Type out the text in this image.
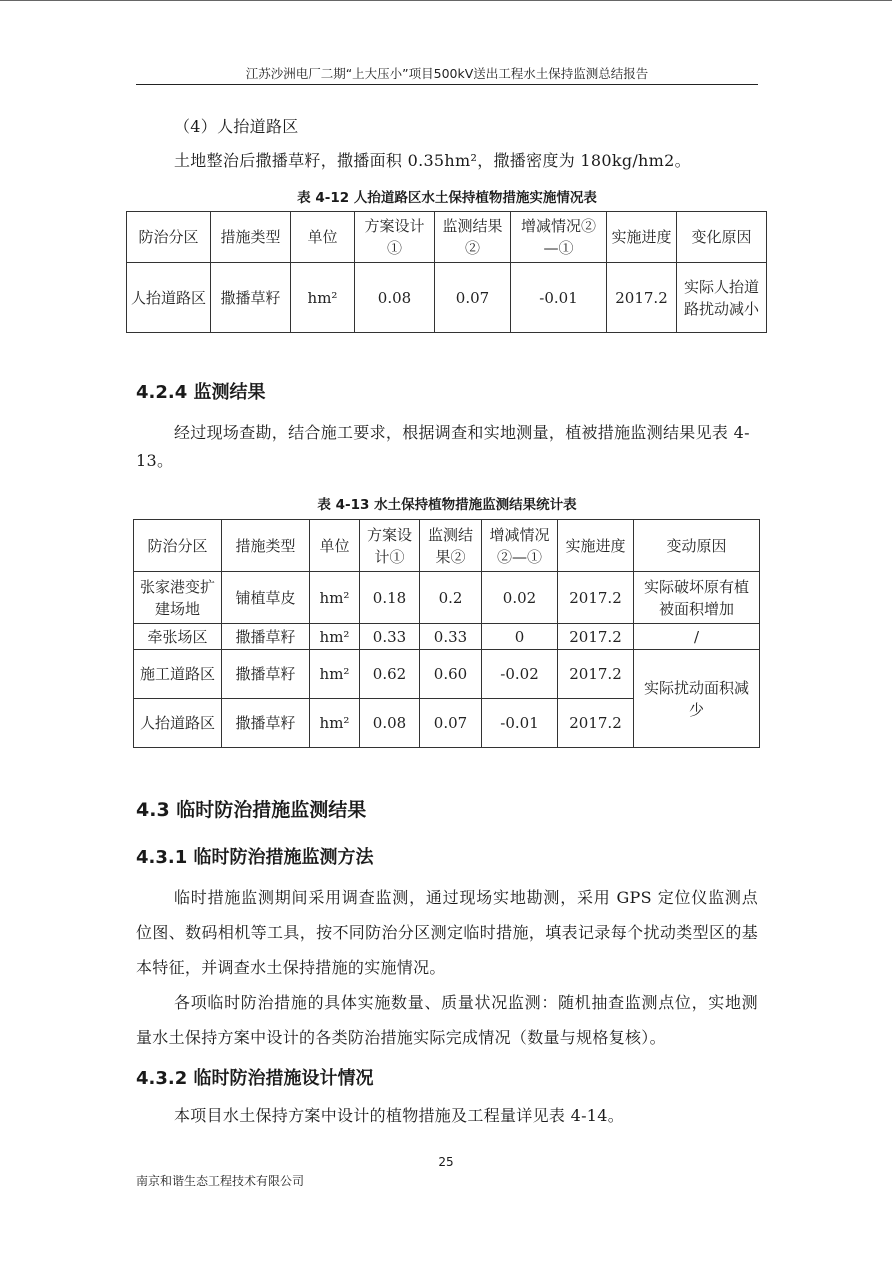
江苏沙洲电厂二期“上大压小”项目500kV送出工程水土保持监测总结报告
（4）人抬道路区
土地整治后撒播草籽，撒播面积 0.35hm²，撒播密度为 180kg/hm2。
表 4-12 人抬道路区水土保持植物措施实施情况表
防治分区	措施类型	单位	方案设计①	监测结果②	增减情况②—①	实施进度	变化原因
人抬道路区	撒播草籽	hm²	0.08	0.07	-0.01	2017.2	实际人抬道路扰动减小
4.2.4 监测结果
经过现场查勘，结合施工要求，根据调查和实地测量，植被措施监测结果见表 4-13。
表 4-13 水土保持植物措施监测结果统计表
防治分区	措施类型	单位	方案设计①	监测结果②	增减情况②—①	实施进度	变动原因
张家港变扩建场地	铺植草皮	hm²	0.18	0.2	0.02	2017.2	实际破坏原有植被面积增加
牵张场区	撒播草籽	hm²	0.33	0.33	0	2017.2	/
施工道路区	撒播草籽	hm²	0.62	0.60	-0.02	2017.2	实际扰动面积减少
人抬道路区	撒播草籽	hm²	0.08	0.07	-0.01	2017.2	
4.3 临时防治措施监测结果
4.3.1 临时防治措施监测方法
临时措施监测期间采用调查监测，通过现场实地勘测，采用 GPS 定位仪监测点位图、数码相机等工具，按不同防治分区测定临时措施，填表记录每个扰动类型区的基本特征，并调查水土保持措施的实施情况。
各项临时防治措施的具体实施数量、质量状况监测：随机抽查监测点位，实地测量水土保持方案中设计的各类防治措施实际完成情况（数量与规格复核）。
4.3.2 临时防治措施设计情况
本项目水土保持方案中设计的植物措施及工程量详见表 4-14。
25
南京和谐生态工程技术有限公司
